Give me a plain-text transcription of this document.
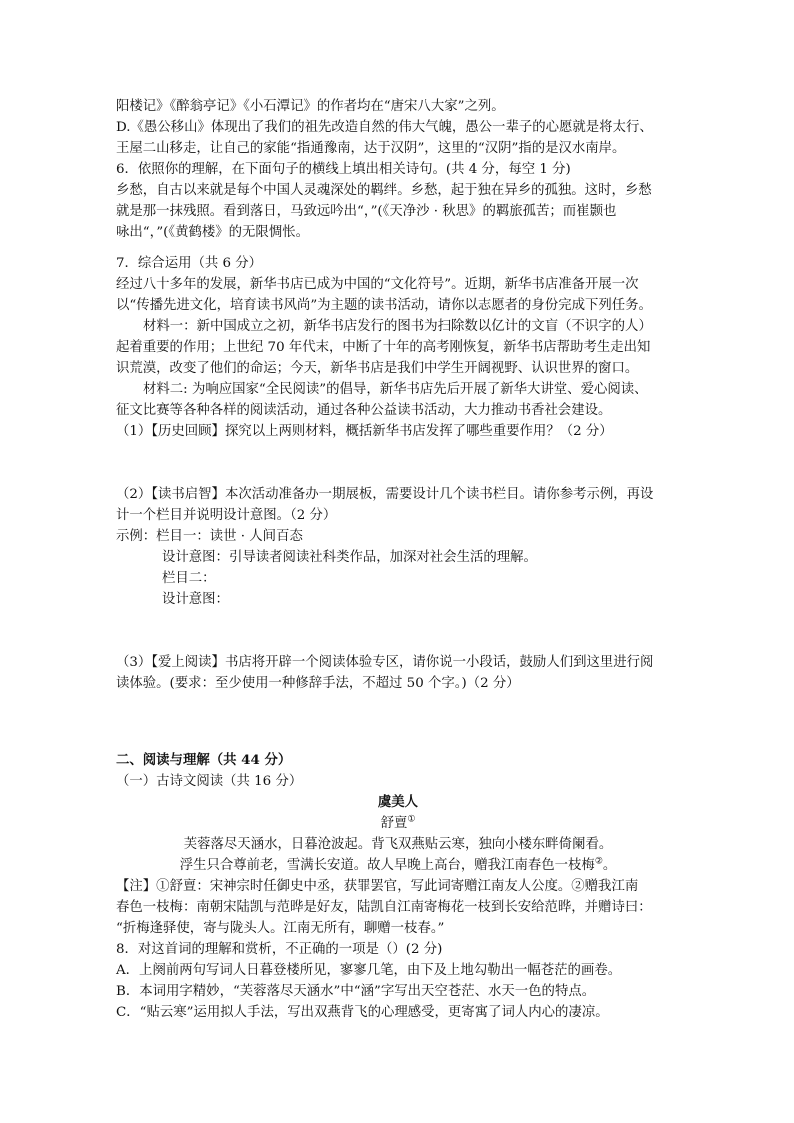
阳楼记》《醉翁亭记》《小石潭记》的作者均在“唐宋八大家”之列。
D.《愚公移山》体现出了我们的祖先改造自然的伟大气魄，愚公一辈子的心愿就是将太行、
王屋二山移走，让自己的家能“指通豫南，达于汉阴”，这里的“汉阴”指的是汉水南岸。
6．依照你的理解，在下面句子的横线上填出相关诗句。(共 4 分，每空 1 分)
乡愁，自古以来就是每个中国人灵魂深处的羁绊。乡愁，起于独在异乡的孤独。这时，乡愁
就是那一抹残照。看到落日，马致远吟出“，”(《天净沙 · 秋思》的羁旅孤苦；而崔颢也
咏出“，”(《黄鹤楼》的无限惆怅。
7．综合运用（共 6 分）
经过八十多年的发展，新华书店已成为中国的“文化符号”。近期，新华书店准备开展一次
以“传播先进文化，培育读书风尚”为主题的读书活动，请你以志愿者的身份完成下列任务。
材料一：新中国成立之初，新华书店发行的图书为扫除数以亿计的文盲（不识字的人）
起着重要的作用；上世纪 70 年代末，中断了十年的高考刚恢复，新华书店帮助考生走出知
识荒漠，改变了他们的命运；今天，新华书店是我们中学生开阔视野、认识世界的窗口。
材料二: 为响应国家“全民阅读”的倡导，新华书店先后开展了新华大讲堂、爱心阅读、
征文比赛等各种各样的阅读活动，通过各种公益读书活动，大力推动书香社会建设。
（1）【历史回顾】探究以上两则材料，概括新华书店发挥了哪些重要作用？（2 分）
（2）【读书启智】本次活动准备办一期展板，需要设计几个读书栏目。请你参考示例，再设
计一个栏目并说明设计意图。（2 分）
示例：栏目一：读世 · 人间百态
设计意图：引导读者阅读社科类作品，加深对社会生活的理解。
栏目二：
设计意图：
（3）【爱上阅读】书店将开辟一个阅读体验专区，请你说一小段话，鼓励人们到这里进行阅
读体验。(要求：至少使用一种修辞手法，不超过 50 个字。)（2 分）
二、阅读与理解（共 44 分）
（一）古诗文阅读（共 16 分）
虞美人
舒亶①
芙蓉落尽天涵水，日暮沧波起。背飞双燕贴云寒，独向小楼东畔倚阑看。
浮生只合尊前老，雪满长安道。故人早晚上高台，赠我江南春色一枝梅②。
【注】①舒亶：宋神宗时任御史中丞，获罪罢官，写此词寄赠江南友人公度。②赠我江南
春色一枝梅：南朝宋陆凯与范晔是好友，陆凯自江南寄梅花一枝到长安给范晔，并赠诗曰：
“折梅逢驿使，寄与陇头人。江南无所有，聊赠一枝春。”
8．对这首词的理解和赏析，不正确的一项是（）(2 分)
A．上阕前两句写词人日暮登楼所见，寥寥几笔，由下及上地勾勒出一幅苍茫的画卷。
B．本词用字精妙，“芙蓉落尽天涵水”中“涵”字写出天空苍茫、水天一色的特点。
C．“贴云寒”运用拟人手法，写出双燕背飞的心理感受，更寄寓了词人内心的凄凉。
